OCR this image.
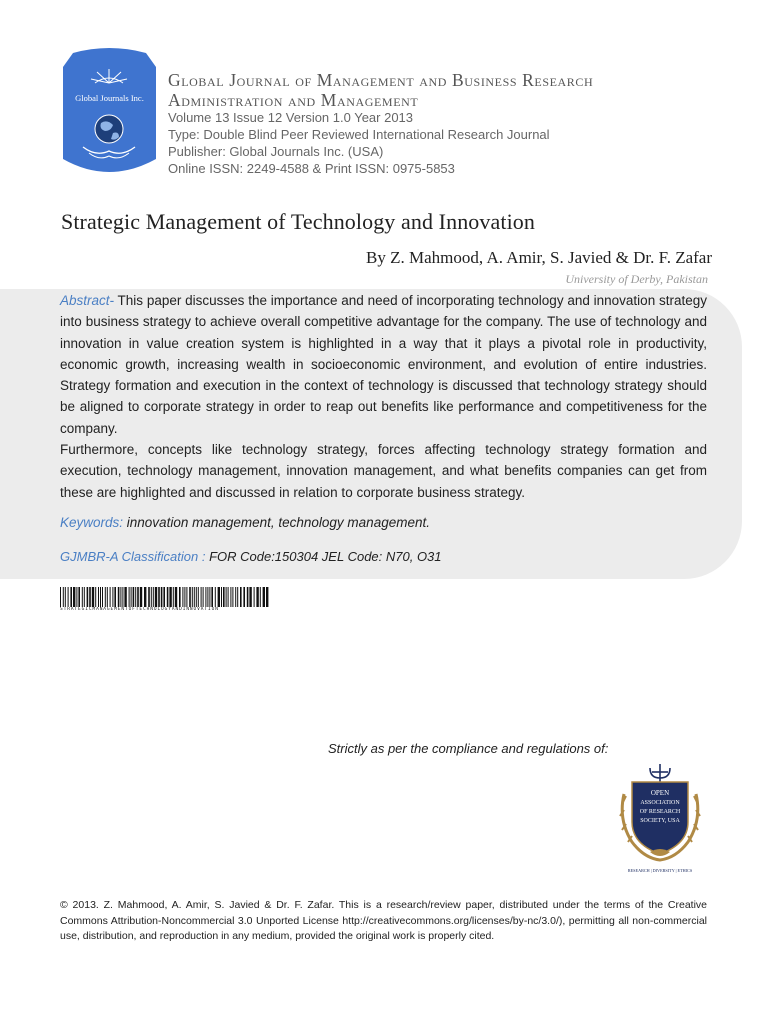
Global Journals Inc.
Global Journal of Management and Business Research
Administration and Management
Volume 13 Issue 12 Version 1.0 Year 2013
Type: Double Blind Peer Reviewed International Research Journal
Publisher: Global Journals Inc. (USA)
Online ISSN: 2249-4588 & Print ISSN: 0975-5853
Strategic Management of Technology and Innovation
By Z. Mahmood, A. Amir, S. Javied & Dr. F. Zafar
University of Derby, Pakistan

Abstract- This paper discusses the importance and need of incorporating technology and innovation strategy into business strategy to achieve overall competitive advantage for the company. The use of technology and innovation in value creation system is highlighted in a way that it plays a pivotal role in productivity, economic growth, increasing wealth in socioeconomic environment, and evolution of entire industries. Strategy formation and execution in the context of technology is discussed that technology strategy should be aligned to corporate strategy in order to reap out benefits like performance and competitiveness for the company.

Furthermore, concepts like technology strategy, forces affecting technology strategy formation and execution, technology management, innovation management, and what benefits companies can get from these are highlighted and discussed in relation to corporate business strategy.

Keywords: innovation management, technology management.
GJMBR-A Classification : FOR Code:150304 JEL Code: N70, O31
STRATEGICMANAGEMENTOFTECHNOLOGYANDINNOVATION
Strictly as per the compliance and regulations of:
OPEN
ASSOCIATION
OF RESEARCH
SOCIETY, USA
RESEARCH | DIVERSITY | ETHICS
© 2013. Z. Mahmood, A. Amir, S. Javied & Dr. F. Zafar. This is a research/review paper, distributed under the terms of the Creative Commons Attribution-Noncommercial 3.0 Unported License http://creativecommons.org/licenses/by-nc/3.0/), permitting all non-commercial use, distribution, and reproduction in any medium, provided the original work is properly cited.
